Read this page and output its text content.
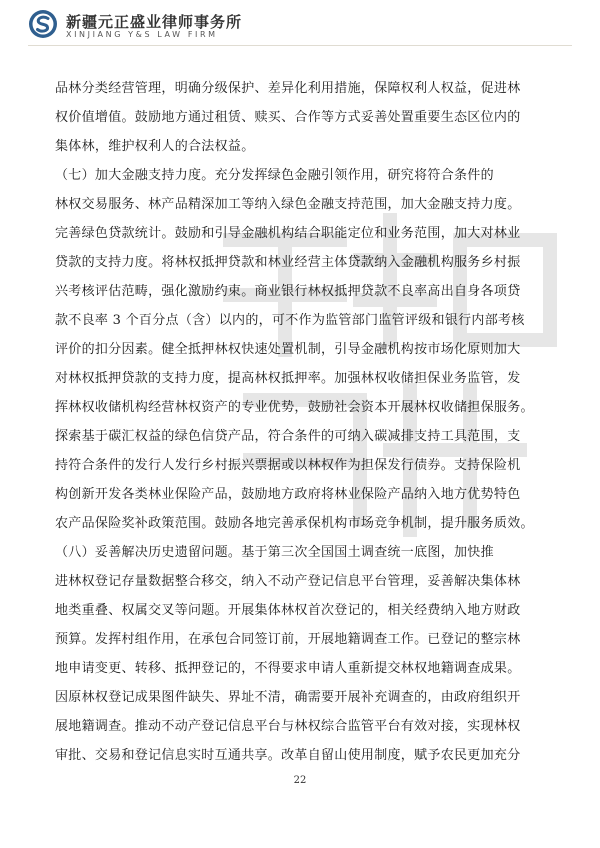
新疆元正盛业律师事务所
XINJIANG Y&S LAW FIRM
品林分类经营管理，明确分级保护、差异化利用措施，保障权利人权益，促进林
权价值增值。鼓励地方通过租赁、赎买、合作等方式妥善处置重要生态区位内的
集体林，维护权利人的合法权益。
（七）加大金融支持力度。充分发挥绿色金融引领作用，研究将符合条件的
林权交易服务、林产品精深加工等纳入绿色金融支持范围，加大金融支持力度。
完善绿色贷款统计。鼓励和引导金融机构结合职能定位和业务范围，加大对林业
贷款的支持力度。将林权抵押贷款和林业经营主体贷款纳入金融机构服务乡村振
兴考核评估范畴，强化激励约束。商业银行林权抵押贷款不良率高出自身各项贷
款不良率 3 个百分点（含）以内的，可不作为监管部门监管评级和银行内部考核
评价的扣分因素。健全抵押林权快速处置机制，引导金融机构按市场化原则加大
对林权抵押贷款的支持力度，提高林权抵押率。加强林权收储担保业务监管，发
挥林权收储机构经营林权资产的专业优势，鼓励社会资本开展林权收储担保服务。
探索基于碳汇权益的绿色信贷产品，符合条件的可纳入碳减排支持工具范围，支
持符合条件的发行人发行乡村振兴票据或以林权作为担保发行债券。支持保险机
构创新开发各类林业保险产品，鼓励地方政府将林业保险产品纳入地方优势特色
农产品保险奖补政策范围。鼓励各地完善承保机构市场竞争机制，提升服务质效。
（八）妥善解决历史遗留问题。基于第三次全国国土调查统一底图，加快推
进林权登记存量数据整合移交，纳入不动产登记信息平台管理，妥善解决集体林
地类重叠、权属交叉等问题。开展集体林权首次登记的，相关经费纳入地方财政
预算。发挥村组作用，在承包合同签订前，开展地籍调查工作。已登记的整宗林
地申请变更、转移、抵押登记的，不得要求申请人重新提交林权地籍调查成果。
因原林权登记成果图件缺失、界址不清，确需要开展补充调查的，由政府组织开
展地籍调查。推动不动产登记信息平台与林权综合监管平台有效对接，实现林权
审批、交易和登记信息实时互通共享。改革自留山使用制度，赋予农民更加充分
22
